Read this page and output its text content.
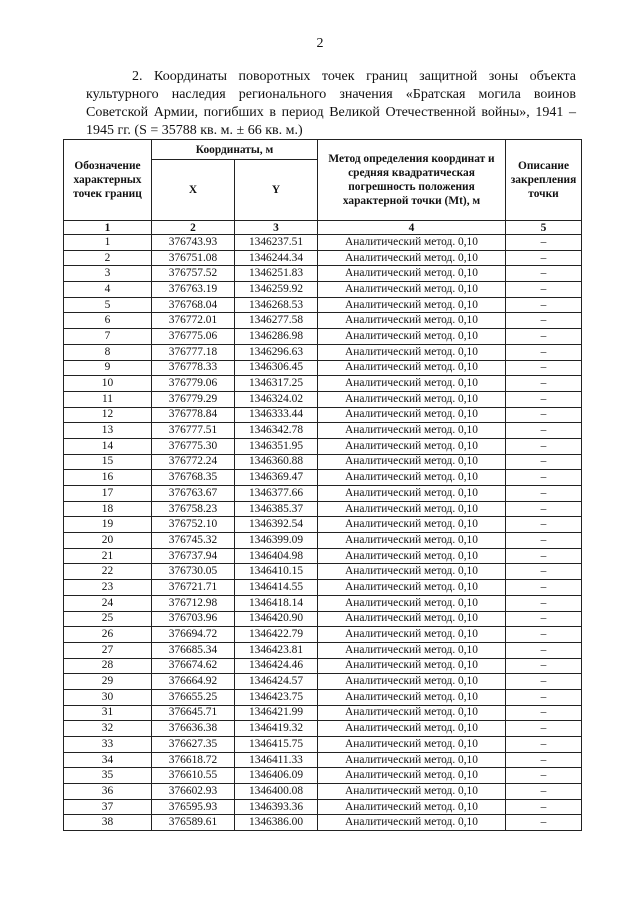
2

2. Координаты поворотных точек границ защитной зоны объекта культурного наследия регионального значения «Братская могила воинов Советской Армии, погибших в период Великой Отечественной войны», 1941 – 1945 гг. (S = 35788 кв. м. ± 66 кв. м.)

Обозначение характерных точек границ	Координаты, м		Метод определения координат и средняя квадратическая погрешность положения характерной точки (Mt), м	Описание закрепления точки
	X	Y		
1	2	3	4	5
1	376743.93	1346237.51	Аналитический метод. 0,10	–
2	376751.08	1346244.34	Аналитический метод. 0,10	–
3	376757.52	1346251.83	Аналитический метод. 0,10	–
4	376763.19	1346259.92	Аналитический метод. 0,10	–
5	376768.04	1346268.53	Аналитический метод. 0,10	–
6	376772.01	1346277.58	Аналитический метод. 0,10	–
7	376775.06	1346286.98	Аналитический метод. 0,10	–
8	376777.18	1346296.63	Аналитический метод. 0,10	–
9	376778.33	1346306.45	Аналитический метод. 0,10	–
10	376779.06	1346317.25	Аналитический метод. 0,10	–
11	376779.29	1346324.02	Аналитический метод. 0,10	–
12	376778.84	1346333.44	Аналитический метод. 0,10	–
13	376777.51	1346342.78	Аналитический метод. 0,10	–
14	376775.30	1346351.95	Аналитический метод. 0,10	–
15	376772.24	1346360.88	Аналитический метод. 0,10	–
16	376768.35	1346369.47	Аналитический метод. 0,10	–
17	376763.67	1346377.66	Аналитический метод. 0,10	–
18	376758.23	1346385.37	Аналитический метод. 0,10	–
19	376752.10	1346392.54	Аналитический метод. 0,10	–
20	376745.32	1346399.09	Аналитический метод. 0,10	–
21	376737.94	1346404.98	Аналитический метод. 0,10	–
22	376730.05	1346410.15	Аналитический метод. 0,10	–
23	376721.71	1346414.55	Аналитический метод. 0,10	–
24	376712.98	1346418.14	Аналитический метод. 0,10	–
25	376703.96	1346420.90	Аналитический метод. 0,10	–
26	376694.72	1346422.79	Аналитический метод. 0,10	–
27	376685.34	1346423.81	Аналитический метод. 0,10	–
28	376674.62	1346424.46	Аналитический метод. 0,10	–
29	376664.92	1346424.57	Аналитический метод. 0,10	–
30	376655.25	1346423.75	Аналитический метод. 0,10	–
31	376645.71	1346421.99	Аналитический метод. 0,10	–
32	376636.38	1346419.32	Аналитический метод. 0,10	–
33	376627.35	1346415.75	Аналитический метод. 0,10	–
34	376618.72	1346411.33	Аналитический метод. 0,10	–
35	376610.55	1346406.09	Аналитический метод. 0,10	–
36	376602.93	1346400.08	Аналитический метод. 0,10	–
37	376595.93	1346393.36	Аналитический метод. 0,10	–
38	376589.61	1346386.00	Аналитический метод. 0,10	–
